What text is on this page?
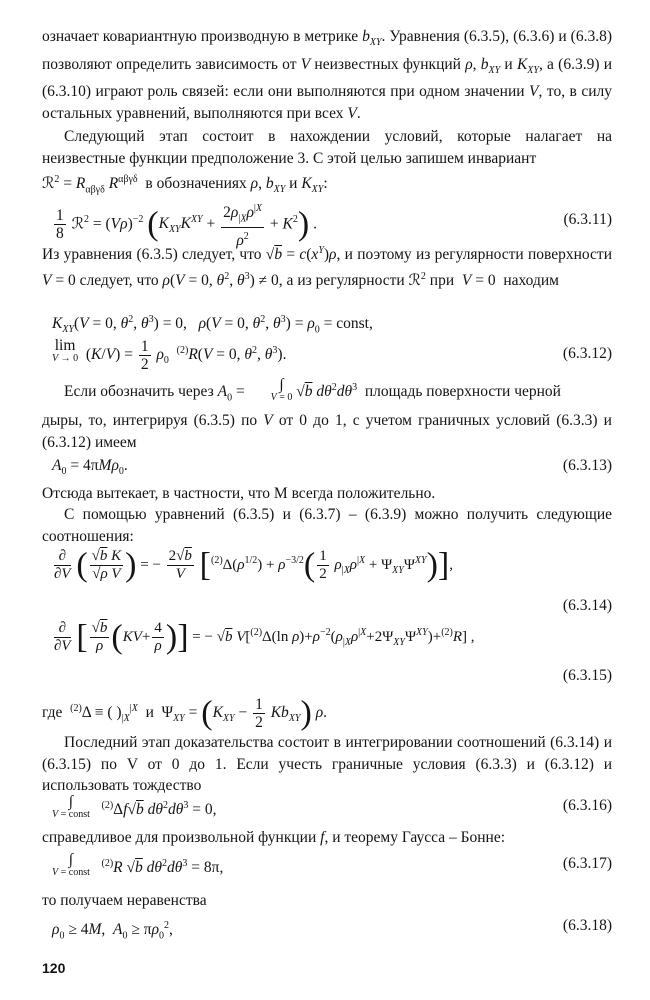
означает ковариантную производную в метрике $b_{XY}$. Уравнения (6.3.5), (6.3.6) и (6.3.8) позволяют определить зависимость от V неизвестных функций ρ, $b_{XY}$ и $K_{XY}$, а (6.3.9) и (6.3.10) играют роль связей: если они выполняются при одном значении V, то, в силу остальных уравнений, выполняются при всех V.

Следующий этап состоит в нахождении условий, которые налагает на неизвестные функции предположение 3. С этой целью запишем инвариант

ℛ$^2$ = $R_{\alpha\beta\gamma\delta}$ $R^{\alpha\beta\gamma\delta}$  в обозначениях ρ, $b_{XY}$ и $K_{XY}$:

$\frac{1}{8}$ ℛ$^2$ = $(V\rho)^{-2}$ $(K_{XY}K^{XY} + \frac{2\rho_{|X}\rho^{|X}}{\rho^2} + K^2)$ .	(6.3.11)

Из уравнения (6.3.5) следует, что $√b = c(x^Y)\rho$, и поэтому из регулярности поверхности V = 0 следует, что ρ(V = 0, $\theta^2$, $\theta^3) \ne 0$, а из регулярности ℛ$^2$ при  V = 0  находим

$K_{XY}(V = 0$, $\theta^2$, $\theta^3) = 0$,   ρ(V = 0, $\theta^2$, $\theta^3) = \rho_0$ = const,
lim
V → 0 $(K/V) = \frac{1}{2} \rho_0$  $^{(2)}$R(V = 0, $\theta^2$, $\theta^3$).	(6.3.12)

Если обозначить через $A_0$ = ∫
V = 0 √b $d\theta^2d\theta^3$  площадь поверхности черной

дыры, то, интегрируя (6.3.5) по V от 0 до 1, с учетом граничных условий (6.3.3) и (6.3.12) имеем

$A_0 = 4\pi M\rho_0$.	(6.3.13)

Отсюда вытекает, в частности, что M всегда положительно.

С помощью уравнений (6.3.5) и (6.3.7) – (6.3.9) можно получить следующие соотношения:

$\frac{\partial}{\partial V}$ ( $\frac{\text{√b K}}{\text{√ρ V}}$ ) = − $\frac{2√b}{V} [^{(2)}\Delta(\rho^{1/2}) + \rho^{-3/2}( \frac{1}{2} \rho_{|X}\rho^{|X} + \Psi_{XY}\Psi^{XY})]$,
(6.3.14)
$\frac{\partial}{\partial V}$ [ $\frac{√b}{\rho} (KV+ \frac{4}{\rho}$ )] = − √b V[$^{(2)}$Δ(ln $\rho)+\rho^{-2}(\rho_{|X}\rho^{|X}+2\Psi_{XY}\Psi^{XY})+^{(2)}R$] ,
(6.3.15)
где  $^{(2)}$Δ ≡ ( )$_{|X}^{|X}$  и  $\Psi_{XY} = (K_{XY} - \frac{1}{2} Kb_{XY})$ ρ.

Последний этап доказательства состоит в интегрировании соотношений (6.3.14) и (6.3.15) по V от 0 до 1. Если учесть граничные условия (6.3.3) и (6.3.12) и использовать тождество

∫
V = const
$^{(2)}$Δf√b $d\theta^2d\theta^3 = 0$,	(6.3.16)

справедливое для произвольной функции f, и теорему Гаусса – Бонне:

∫
V = const
$^{(2)}$R √b $d\theta^2d\theta^3 = 8\pi$,	(6.3.17)

то получаем неравенства

$\rho_0 \ge 4M$,  $A_0 \ge \pi\rho_0^2$,	(6.3.18)
120
